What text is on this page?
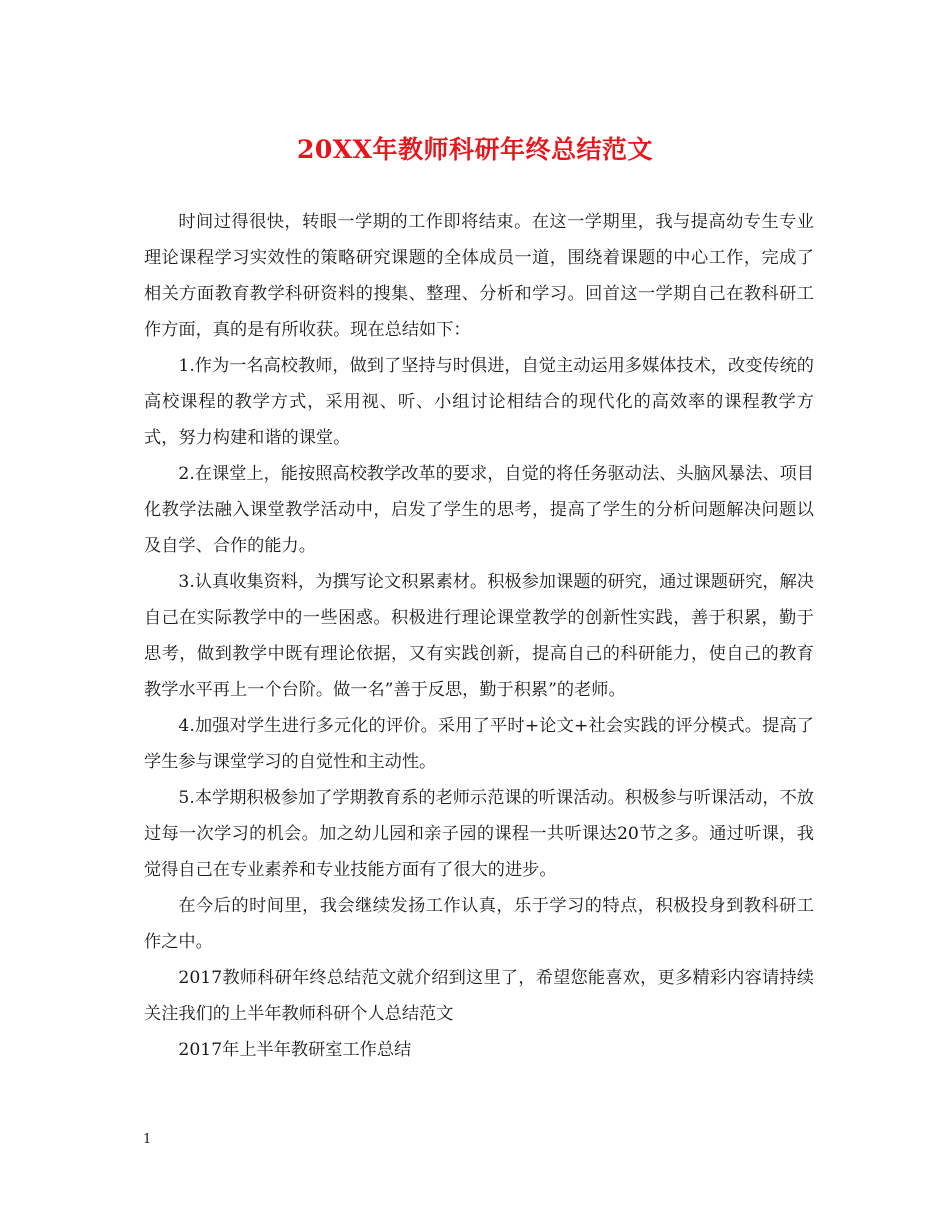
20XX年教师科研年终总结范文

时间过得很快，转眼一学期的工作即将结束。在这一学期里，我与提高幼专生专业理论课程学习实效性的策略研究课题的全体成员一道，围绕着课题的中心工作，完成了相关方面教育教学科研资料的搜集、整理、分析和学习。回首这一学期自己在教科研工作方面，真的是有所收获。现在总结如下：

1.作为一名高校教师，做到了坚持与时俱进，自觉主动运用多媒体技术，改变传统的高校课程的教学方式，采用视、听、小组讨论相结合的现代化的高效率的课程教学方式，努力构建和谐的课堂。

2.在课堂上，能按照高校教学改革的要求，自觉的将任务驱动法、头脑风暴法、项目化教学法融入课堂教学活动中，启发了学生的思考，提高了学生的分析问题解决问题以及自学、合作的能力。

3.认真收集资料，为撰写论文积累素材。积极参加课题的研究，通过课题研究，解决自己在实际教学中的一些困惑。积极进行理论课堂教学的创新性实践，善于积累，勤于思考，做到教学中既有理论依据，又有实践创新，提高自己的科研能力，使自己的教育教学水平再上一个台阶。做一名”善于反思，勤于积累”的老师。

4.加强对学生进行多元化的评价。采用了平时+论文+社会实践的评分模式。提高了学生参与课堂学习的自觉性和主动性。

5.本学期积极参加了学期教育系的老师示范课的听课活动。积极参与听课活动，不放过每一次学习的机会。加之幼儿园和亲子园的课程一共听课达20节之多。通过听课，我觉得自己在专业素养和专业技能方面有了很大的进步。

在今后的时间里，我会继续发扬工作认真，乐于学习的特点，积极投身到教科研工作之中。

2017教师科研年终总结范文就介绍到这里了，希望您能喜欢，更多精彩内容请持续关注我们的上半年教师科研个人总结范文

2017年上半年教研室工作总结

1
